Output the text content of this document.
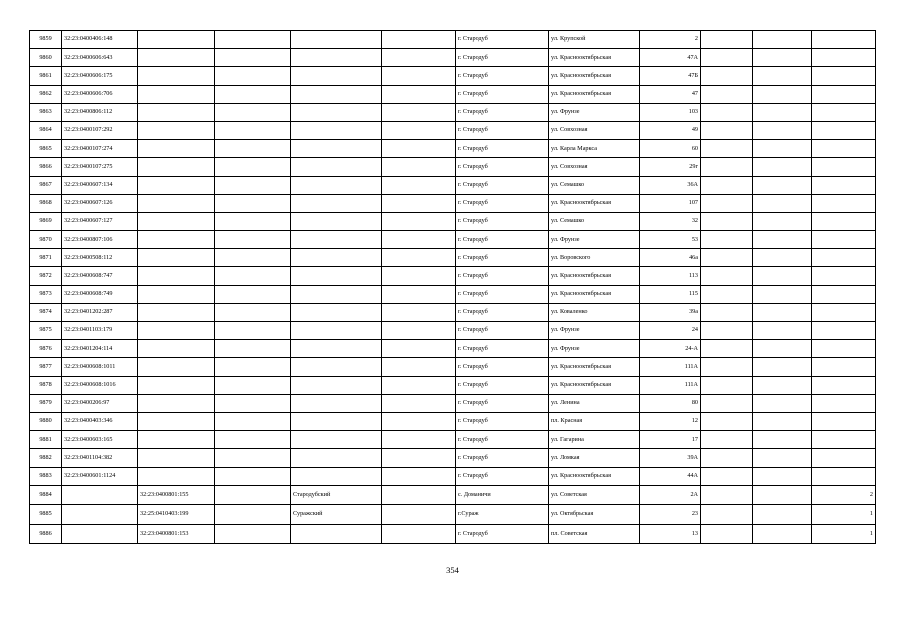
9859	32:23:0400406:148					г. Стародуб	ул. Крупской	2			
9860	32:23:0400606:643					г. Стародуб	ул. Краснооктябрьская	47А			
9861	32:23:0400606:175					г. Стародуб	ул. Краснооктябрьская	47Б			
9862	32:23:0400606:706					г. Стародуб	ул. Краснооктябрьская	47			
9863	32:23:0400806:112					г. Стародуб	ул. Фрунзе	103			
9864	32:23:0400107:292					г. Стародуб	ул. Совхозная	49			
9865	32:23:0400107:274					г. Стародуб	ул. Карла Маркса	60			
9866	32:23:0400107:275					г. Стародуб	ул. Совхозная	29г			
9867	32:23:0400607:134					г. Стародуб	ул. Семашко	36А			
9868	32:23:0400607:126					г. Стародуб	ул. Краснооктябрьская	107			
9869	32:23:0400607:127					г. Стародуб	ул. Семашко	32			
9870	32:23:0400807:106					г. Стародуб	ул. Фрунзе	53			
9871	32:23:0400508:112					г. Стародуб	ул. Воровского	46а			
9872	32:23:0400608:747					г. Стародуб	ул. Краснооктябрьская	113			
9873	32:23:0400608:749					г. Стародуб	ул. Краснооктябрьская	115			
9874	32:23:0401202:287					г. Стародуб	ул. Коваленко	39а			
9875	32:23:0401103:179					г. Стародуб	ул. Фрунзе	24			
9876	32:23:0401204:114					г. Стародуб	ул. Фрунзе	24-А			
9877	32:23:0400608:1011					г. Стародуб	ул. Краснооктябрьская	111А			
9878	32:23:0400608:1016					г. Стародуб	ул. Краснооктябрьская	111А			
9879	32:23:0400206:97					г. Стародуб	ул. Ленина	80			
9880	32:23:0400403:346					г. Стародуб	пл. Красная	12			
9881	32:23:0400603:165					г. Стародуб	ул. Гагарина	17			
9882	32:23:0401104:382					г. Стародуб	ул. Ломкая	39А			
9883	32:23:0400601:1124					г. Стародуб	ул. Краснооктябрьская	44А			
9884		32:23:0400801:155		Стародубский		с. Доманичи	ул. Советская	2А			2
9885		32:25:0410403:199		Суражский		г.Сураж	ул. Октябрьская	23			1
9886		32:23:0400801:153				г. Стародуб	пл. Советская	13			1
354
